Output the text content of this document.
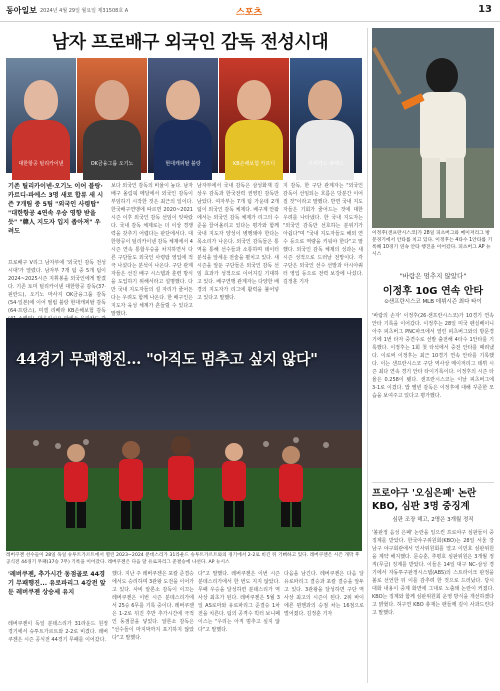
동아일보 2024년 4월 29일 월요일 제31508호 A	스포츠	13
남자 프로배구 외국인 감독 전성시대
대한항공 틸리카이넨	OK금융그룹 오기노	현대캐피탈 블랑	KB손해보험 카르디	우리카드 파에스
기존 틸리카이넨·오기노 이어 블랑·카르디·파에스 3명 새로 합류 새 시즌 7개팀 중 5팀 "외국인 사령탑" "대한항공 4연속 우승 영향 받을 듯" "韓人 지도자 입지 좁아져" 우려도
프로배구 V리그 남자부에 '외국인 감독 전성시대'가 열렸다. 남자부 7개 팀 중 5개 팀이 2024~2025시즌 지휘봉을 외국인에게 맡겼다. 기존 토미 틸리카이넨 대한항공 감독(37·핀란드), 오기노 마사지 OK금융그룹 감독(54·일본)에 이어 필립 블랑 현대캐피탈 감독(64·프랑스), 미겔 리베라 KB손해보험 감독
보다 외국인 감독의 비율이 높다. 남자배구 올림픽 메달에서 외국인 감독이 부임하기 시작한 것은 최근의 일이다. 한국배구연맹에 따르면 2020~2021시즌 이후 외국인 감독 선임이 잇따랐다. 국내 감독 체제로는 더 이상 경쟁력을 갖추기 어렵다는 판단에서다. 대한항공이 틸리카이넨 감독 체제에서 4시즌 연속 통합우승을 차지하면서 다른 구단들도 외국인 사령탑 영입에 적극 나섰다는 분석이 나온다. 구단 관계자들은 선진 배구 시스템과 훈련 방식을 도입하기 위해서라고 설명했다. 다만 국내 지도자들의 설 자리가 줄어든다는 우려도 함께 나온다. 한 배구인은 지도자 육성 체계가 흔들릴 수 있다고 말했다.
남자부에서 국내 감독은 삼성화재 김상우 감독과 한국전력 권영민 감독만 남았다. 여자부는 7개 팀 가운데 2개 팀이 외국인 감독 체제다. 배구계 안팎에서는 외국인 감독 체제가 리그의 수준을 끌어올리고 있다는 평가와 함께 국내 지도자 양성이 병행돼야 한다는 목소리가 나온다. 외국인 감독들은 통역을 통해 선수들과 소통하며 데이터 분석을 앞세운 전술을 펼치고 있다. 새 시즌을 앞둔 구단들은 외국인 감독 선임 효과가 성적으로 이어지길 기대하고 있다. 배구연맹 관계자는 다양한 배경의 지도자가 리그에 활력을 불어넣고 있다고 말했다.
지 감독, 한 구단 관계자는 "외국인 감독이 선임되는 흐름은 당분간 이어질 것"이라고 말했다. 반면 국내 지도자들은 기회가 줄어드는 것에 대한 우려를 나타냈다. 한 국내 지도자는 "외국인 감독만 선호하는 분위기가 아쉽다"며 "국내 지도자들도 해외 연수 등으로 역량을 키워야 한다"고 말했다. 외국인 감독 체제의 성과는 새 시즌 성적으로 드러날 전망이다. 각 구단은 외국인 선수 선발과 아시아쿼터 영입 등으로 전력 보강에 나섰다. 김정훈 기자
44경기 무패행진… "아직도 멈추고 싶지 않다"
레버쿠젠 선수들이 28일 독일 슈투트가르트에서 열린 2023~2024 분데스리가 31라운드 슈투트가르트와의 경기에서 2-2로 비긴 뒤 기뻐하고 있다. 레버쿠젠은 시즌 개막 후 공식전 44경기 무패(37승 7무) 기록을 이어갔다. 레버쿠젠은 다음 달 유로파리그 준결승에 나선다. AP 뉴시스
'레버쿠젠, 추가시간 동점골로 44경기 무패행진... 유로파리그 4강전 앞둔 레버쿠젠 상승세 유지
레버쿠젠이 독일 분데스리가 31라운드 원정 경기에서 슈투트가르트와 2-2로 비겼다. 레버쿠젠은 시즌 공식전 44경기 무패를 이어갔다.
했다. 지난 주 레버쿠젠은 포칼 준결승에서도 승리하며 3관왕 도전을 이어가고 있다. 사비 알론소 감독이 이끄는 레버쿠젠은 이번 시즌 분데스리가에서 25승 6무를 기록 중이다. 레버쿠젠은 1-2로 뒤진 후반 추가시간에 극적인 동점골을 넣었다. 알론소 감독은 "선수들이 마지막까지 포기하지 않았다"고 말했다.
다"고 말했다. 레버쿠젠은 이번 시즌 분데스리가에서 한 번도 지지 않았다. 무패 우승을 달성하면 분데스리가 역사상 최초가 된다. 레버쿠젠은 5월 3일 AS로마와 유로파리그 준결승 1차전을 치른다. 팀의 공격수 빅터 보니페이스는 "우리는 아직 멈추고 싶지 않다"고 말했다.
다음을 남긴다. 레버쿠젠은 다음 달 유로파리그 결승과 포칼 결승을 앞두고 있다. 3관왕을 달성하면 구단 역사상 최고의 시즌이 된다. 2위 바이에른 뮌헨과의 승점 차는 16점으로 벌어졌다. 김정훈 기자
이정후(샌프란시스코)가 28일 피츠버그와 메이저리그 방문경기에서 안타를 치고 있다. 이정후는 4타수 1안타를 기록해 10경기 연속 안타 행진을 이어갔다. 피츠버그 AP 뉴시스
"바람은 멈추지 않았다"
이정후 10G 연속 안타
⊙샌프란시스코 MLB 데뷔시즌 최다 타이
'바람의 손자' 이정후(26·샌프란시스코)가 10경기 연속 안타 기록을 이어갔다. 이정후는 28일 미국 펜실베이니아주 피츠버그 PNC파크에서 열린 피츠버그와의 방문경기에 1번 타자 중견수로 선발 출전해 4타수 1안타를 기록했다. 이정후는 1회 첫 타석에서 중전 안타를 때려냈다. 이로써 이정후는 최근 10경기 연속 안타를 기록했다. 이는 샌프란시스코 구단 역사상 메이저리그 데뷔 시즌 최다 연속 경기 안타 타이기록이다. 이정후의 시즌 타율은 0.258이 됐다. 샌프란시스코는 이날 피츠버그에 3-1로 이겼다. 밥 멜빈 감독은 이정후에 대해 꾸준한 모습을 보여주고 있다고 평가했다.
프로야구 '오심은폐' 논란 KBO, 심판 3명 중징계
심판 조장 해고, 2명은 3개월 정직
'볼판정 음성 은폐' 논란을 일으킨 프로야구 심판들이 중징계를 받았다. 한국야구위원회(KBO)는 28일 서울 강남구 야구회관에서 인사위원회를 열고 이민호 심판위원을 계약 해지했다. 문승훈, 추평호 심판위원은 3개월 정직(무급) 징계를 받았다. 이들은 14일 대구 NC-삼성 경기에서 자동투구판정시스템(ABS)의 스트라이크 판정을 볼로 선언한 뒤 이를 감추려 한 것으로 드러났다. 당시 대화 내용이 중계 화면에 그대로 노출돼 논란이 커졌다. KBO는 징계와 함께 심판위원회 운영 방식을 개선하겠다고 밝혔다. 허구연 KBO 총재는 팬들께 깊이 사과드린다고 말했다.
